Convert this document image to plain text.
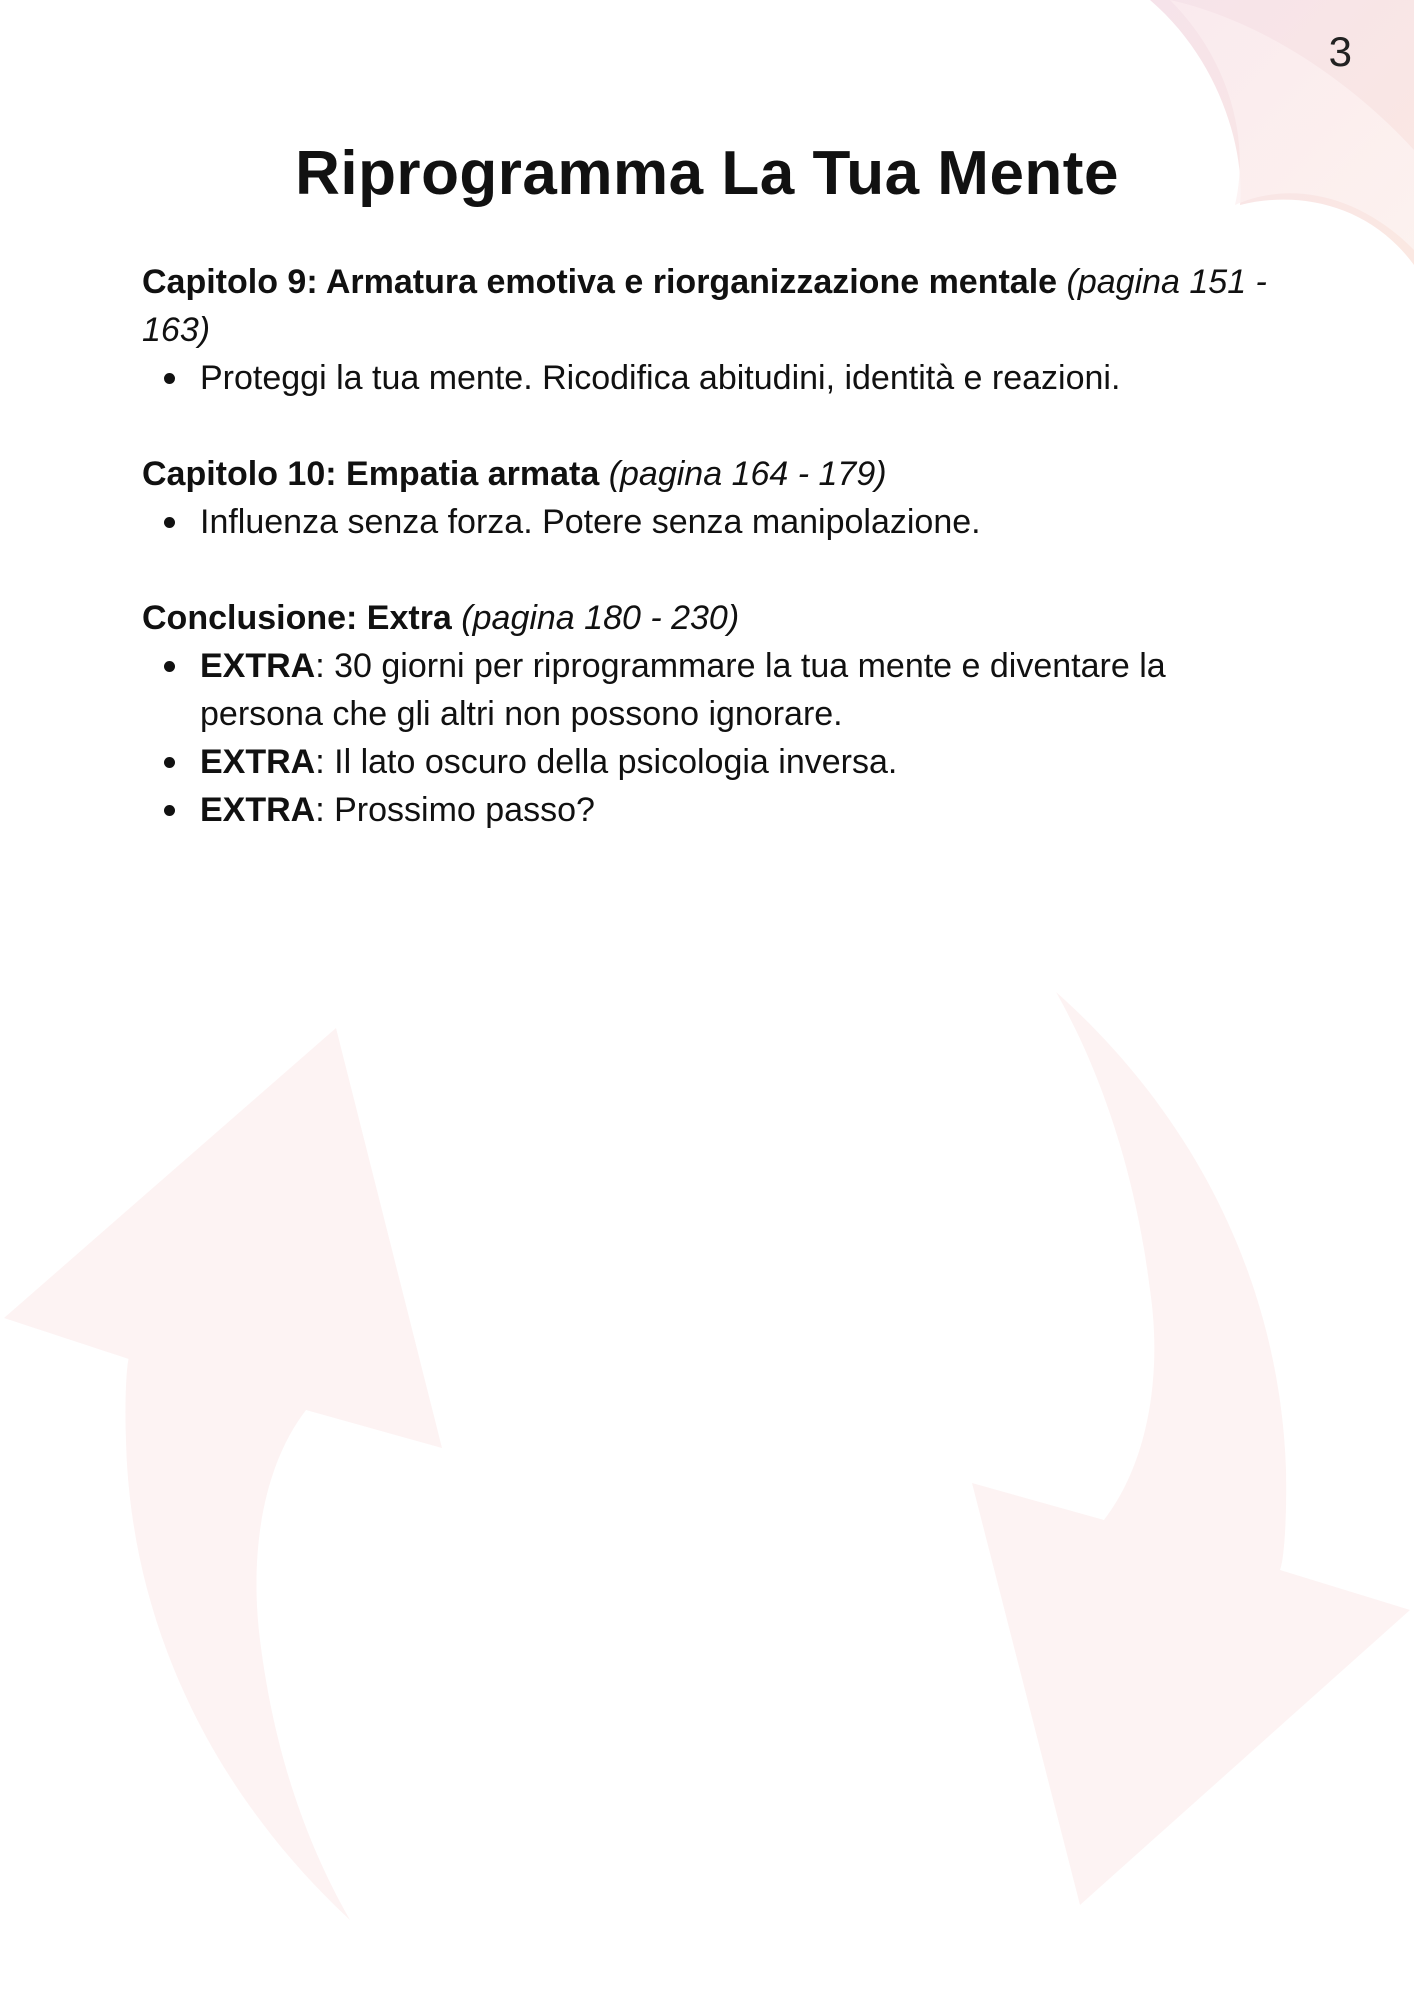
3
Riprogramma La Tua Mente

Capitolo 9: Armatura emotiva e riorganizzazione mentale (pagina 151 - 163)

Proteggi la tua mente. Ricodifica abitudini, identità e reazioni.

Capitolo 10: Empatia armata (pagina 164 - 179)

Influenza senza forza. Potere senza manipolazione.

Conclusione: Extra (pagina 180 - 230)

EXTRA: 30 giorni per riprogrammare la tua mente e diventare la persona che gli altri non possono ignorare.
EXTRA: Il lato oscuro della psicologia inversa.
EXTRA: Prossimo passo?
